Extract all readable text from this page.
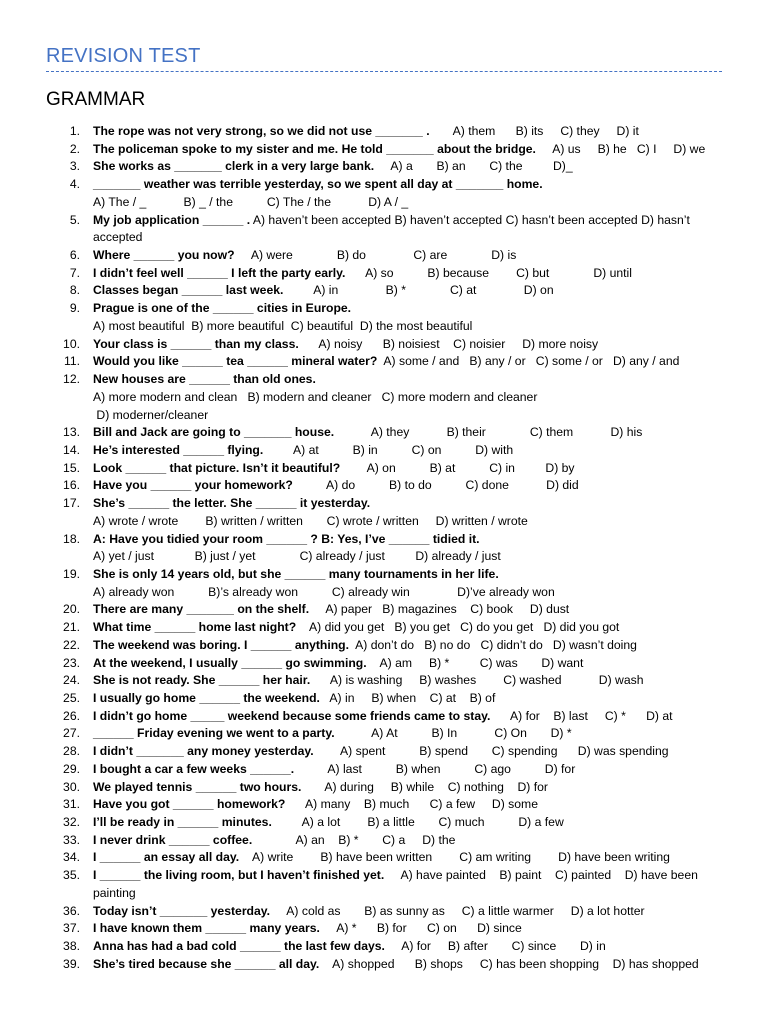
REVISION TEST
GRAMMAR
1. The rope was not very strong, so we did not use _______ .       A) them      B) its     C) they     D) it
2. The policeman spoke to my sister and me. He told _______ about the bridge.     A) us     B) he   C) I     D) we
3. She works as _______ clerk in a very large bank.     A) a       B) an       C) the         D)_
4. _______ weather was terrible yesterday, so we spent all day at _______ home.
A) The / _           B) _ / the          C) The / the           D) A / _
5. My job application ______ . A) haven’t been accepted B) haven’t accepted C) hasn’t been accepted D) hasn’t accepted
6. Where ______ you now?     A) were             B) do              C) are             D) is
7. I didn’t feel well ______ I left the party early.      A) so          B) because        C) but             D) until
8. Classes began ______ last week.         A) in              B) *             C) at              D) on
9. Prague is one of the ______ cities in Europe.
A) most beautiful  B) more beautiful  C) beautiful  D) the most beautiful
10. Your class is ______ than my class.      A) noisy      B) noisiest    C) noisier     D) more noisy
11. Would you like ______ tea ______ mineral water?  A) some / and   B) any / or   C) some / or   D) any / and
12. New houses are ______ than old ones.
A) more modern and clean   B) modern and cleaner   C) more modern and cleaner
D) moderner/cleaner
13. Bill and Jack are going to _______ house.           A) they           B) their             C) them           D) his
14. He’s interested ______ flying.         A) at          B) in          C) on          D) with
15. Look ______ that picture. Isn’t it beautiful?        A) on          B) at          C) in         D) by
16. Have you ______ your homework?          A) do          B) to do          C) done           D) did
17. She’s ______ the letter. She ______ it yesterday.
A) wrote / wrote        B) written / written       C) wrote / written     D) written / wrote
18. A: Have you tidied your room ______ ? B: Yes, I’ve ______ tidied it.
A) yet / just            B) just / yet             C) already / just         D) already / just
19. She is only 14 years old, but she ______ many tournaments in her life.
A) already won          B)’s already won          C) already win              D)’ve already won
20. There are many _______ on the shelf.     A) paper   B) magazines    C) book     D) dust
21. What time ______ home last night?    A) did you get   B) you get   C) do you get   D) did you got
22. The weekend was boring. I ______ anything.  A) don’t do   B) no do   C) didn’t do   D) wasn’t doing
23. At the weekend, I usually ______ go swimming.    A) am     B) *         C) was       D) want
24. She is not ready. She ______ her hair.      A) is washing     B) washes        C) washed           D) wash
25. I usually go home ______ the weekend.   A) in     B) when    C) at    B) of
26. I didn’t go home _____ weekend because some friends came to stay.      A) for    B) last     C) *      D) at
27. ______ Friday evening we went to a party.           A) At          B) In           C) On       D) *
28. I didn’t _______ any money yesterday.        A) spent          B) spend       C) spending      D) was spending
29. I bought a car a few weeks ______.          A) last          B) when          C) ago          D) for
30. We played tennis ______ two hours.       A) during     B) while    C) nothing    D) for
31. Have you got ______ homework?      A) many    B) much      C) a few     D) some
32. I’ll be ready in ______ minutes.         A) a lot        B) a little       C) much          D) a few
33. I never drink ______ coffee.             A) an    B) *       C) a     D) the
34. I ______ an essay all day.    A) write        B) have been written        C) am writing        D) have been writing
35. I ______ the living room, but I haven’t finished yet.     A) have painted    B) paint    C) painted    D) have been painting
36. Today isn’t _______ yesterday.     A) cold as       B) as sunny as     C) a little warmer     D) a lot hotter
37. I have known them ______ many years.     A) *      B) for      C) on      D) since
38. Anna has had a bad cold ______ the last few days.     A) for     B) after       C) since       D) in
39. She’s tired because she ______ all day.    A) shopped      B) shops     C) has been shopping    D) has shopped
